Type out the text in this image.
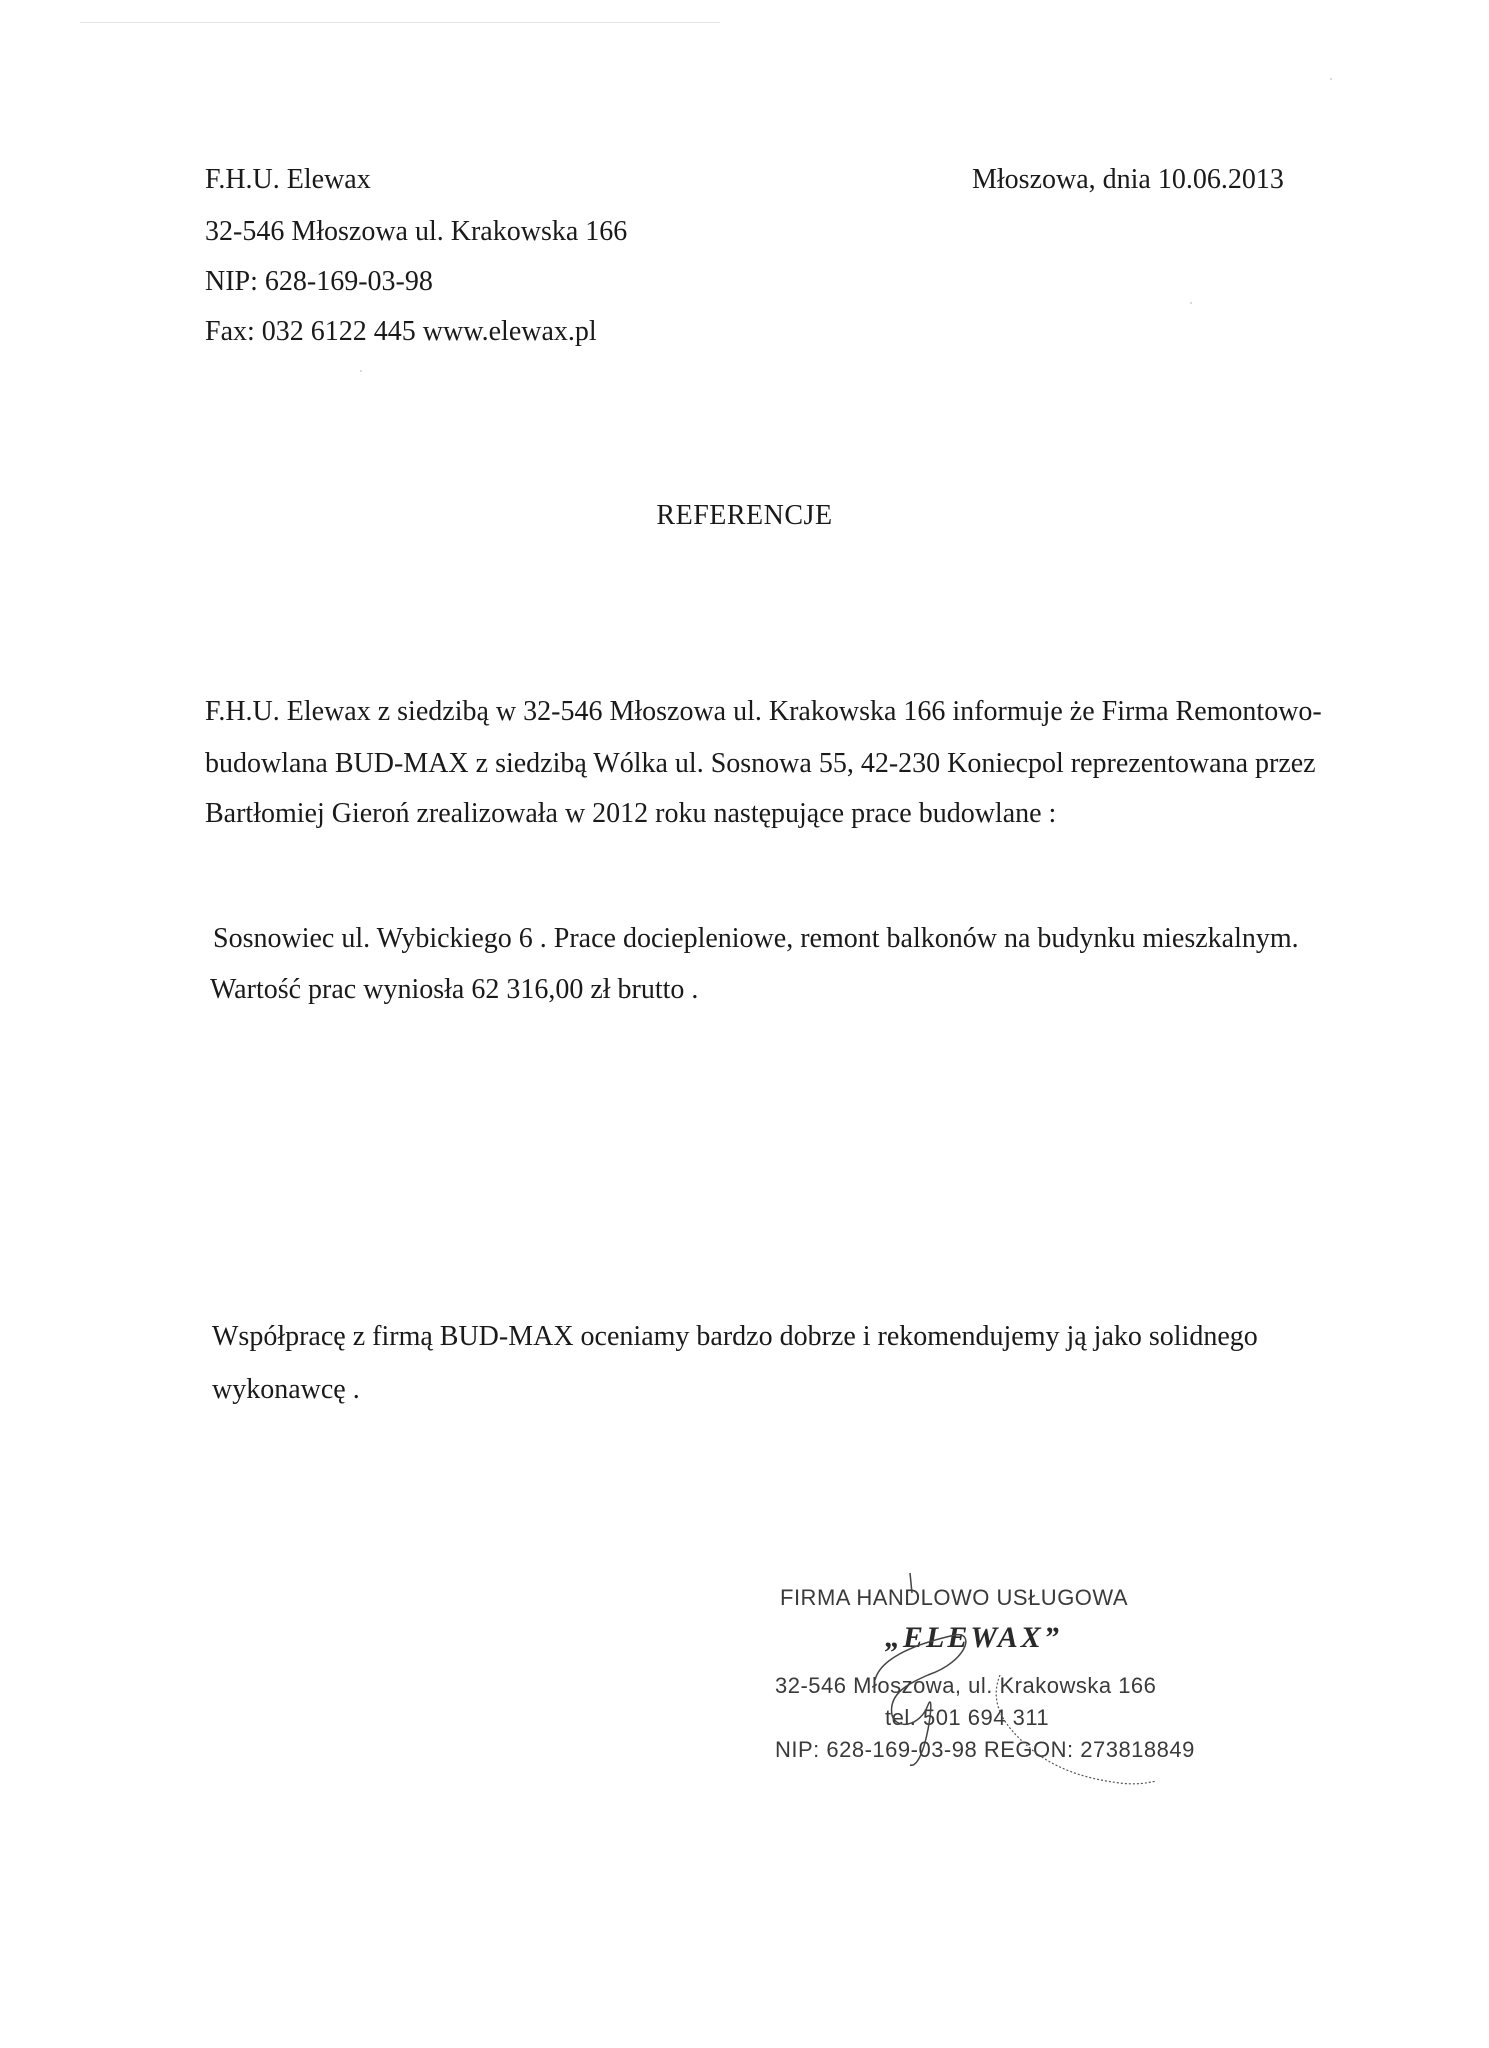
F.H.U. Elewax

32-546 Młoszowa ul. Krakowska 166

NIP: 628-169-03-98

Fax: 032 6122 445 www.elewax.pl

Młoszowa, dnia 10.06.2013

REFERENCJE

F.H.U. Elewax z siedzibą w 32-546 Młoszowa ul. Krakowska 166 informuje że Firma Remontowo-

budowlana BUD-MAX z siedzibą Wólka ul. Sosnowa 55, 42-230 Koniecpol reprezentowana przez

Bartłomiej Gieroń zrealizowała w 2012 roku następujące prace budowlane :

Sosnowiec ul. Wybickiego 6 . Prace dociepleniowe, remont balkonów na budynku mieszkalnym.

Wartość prac wyniosła 62 316,00 zł brutto .

Współpracę z firmą BUD-MAX oceniamy bardzo dobrze i rekomendujemy ją jako solidnego

wykonawcę .

FIRMA HANDLOWO USŁUGOWA

„ELEWAX”

32-546 Młoszowa, ul. Krakowska 166

tel. 501 694 311

NIP: 628-169-03-98 REGON: 273818849
